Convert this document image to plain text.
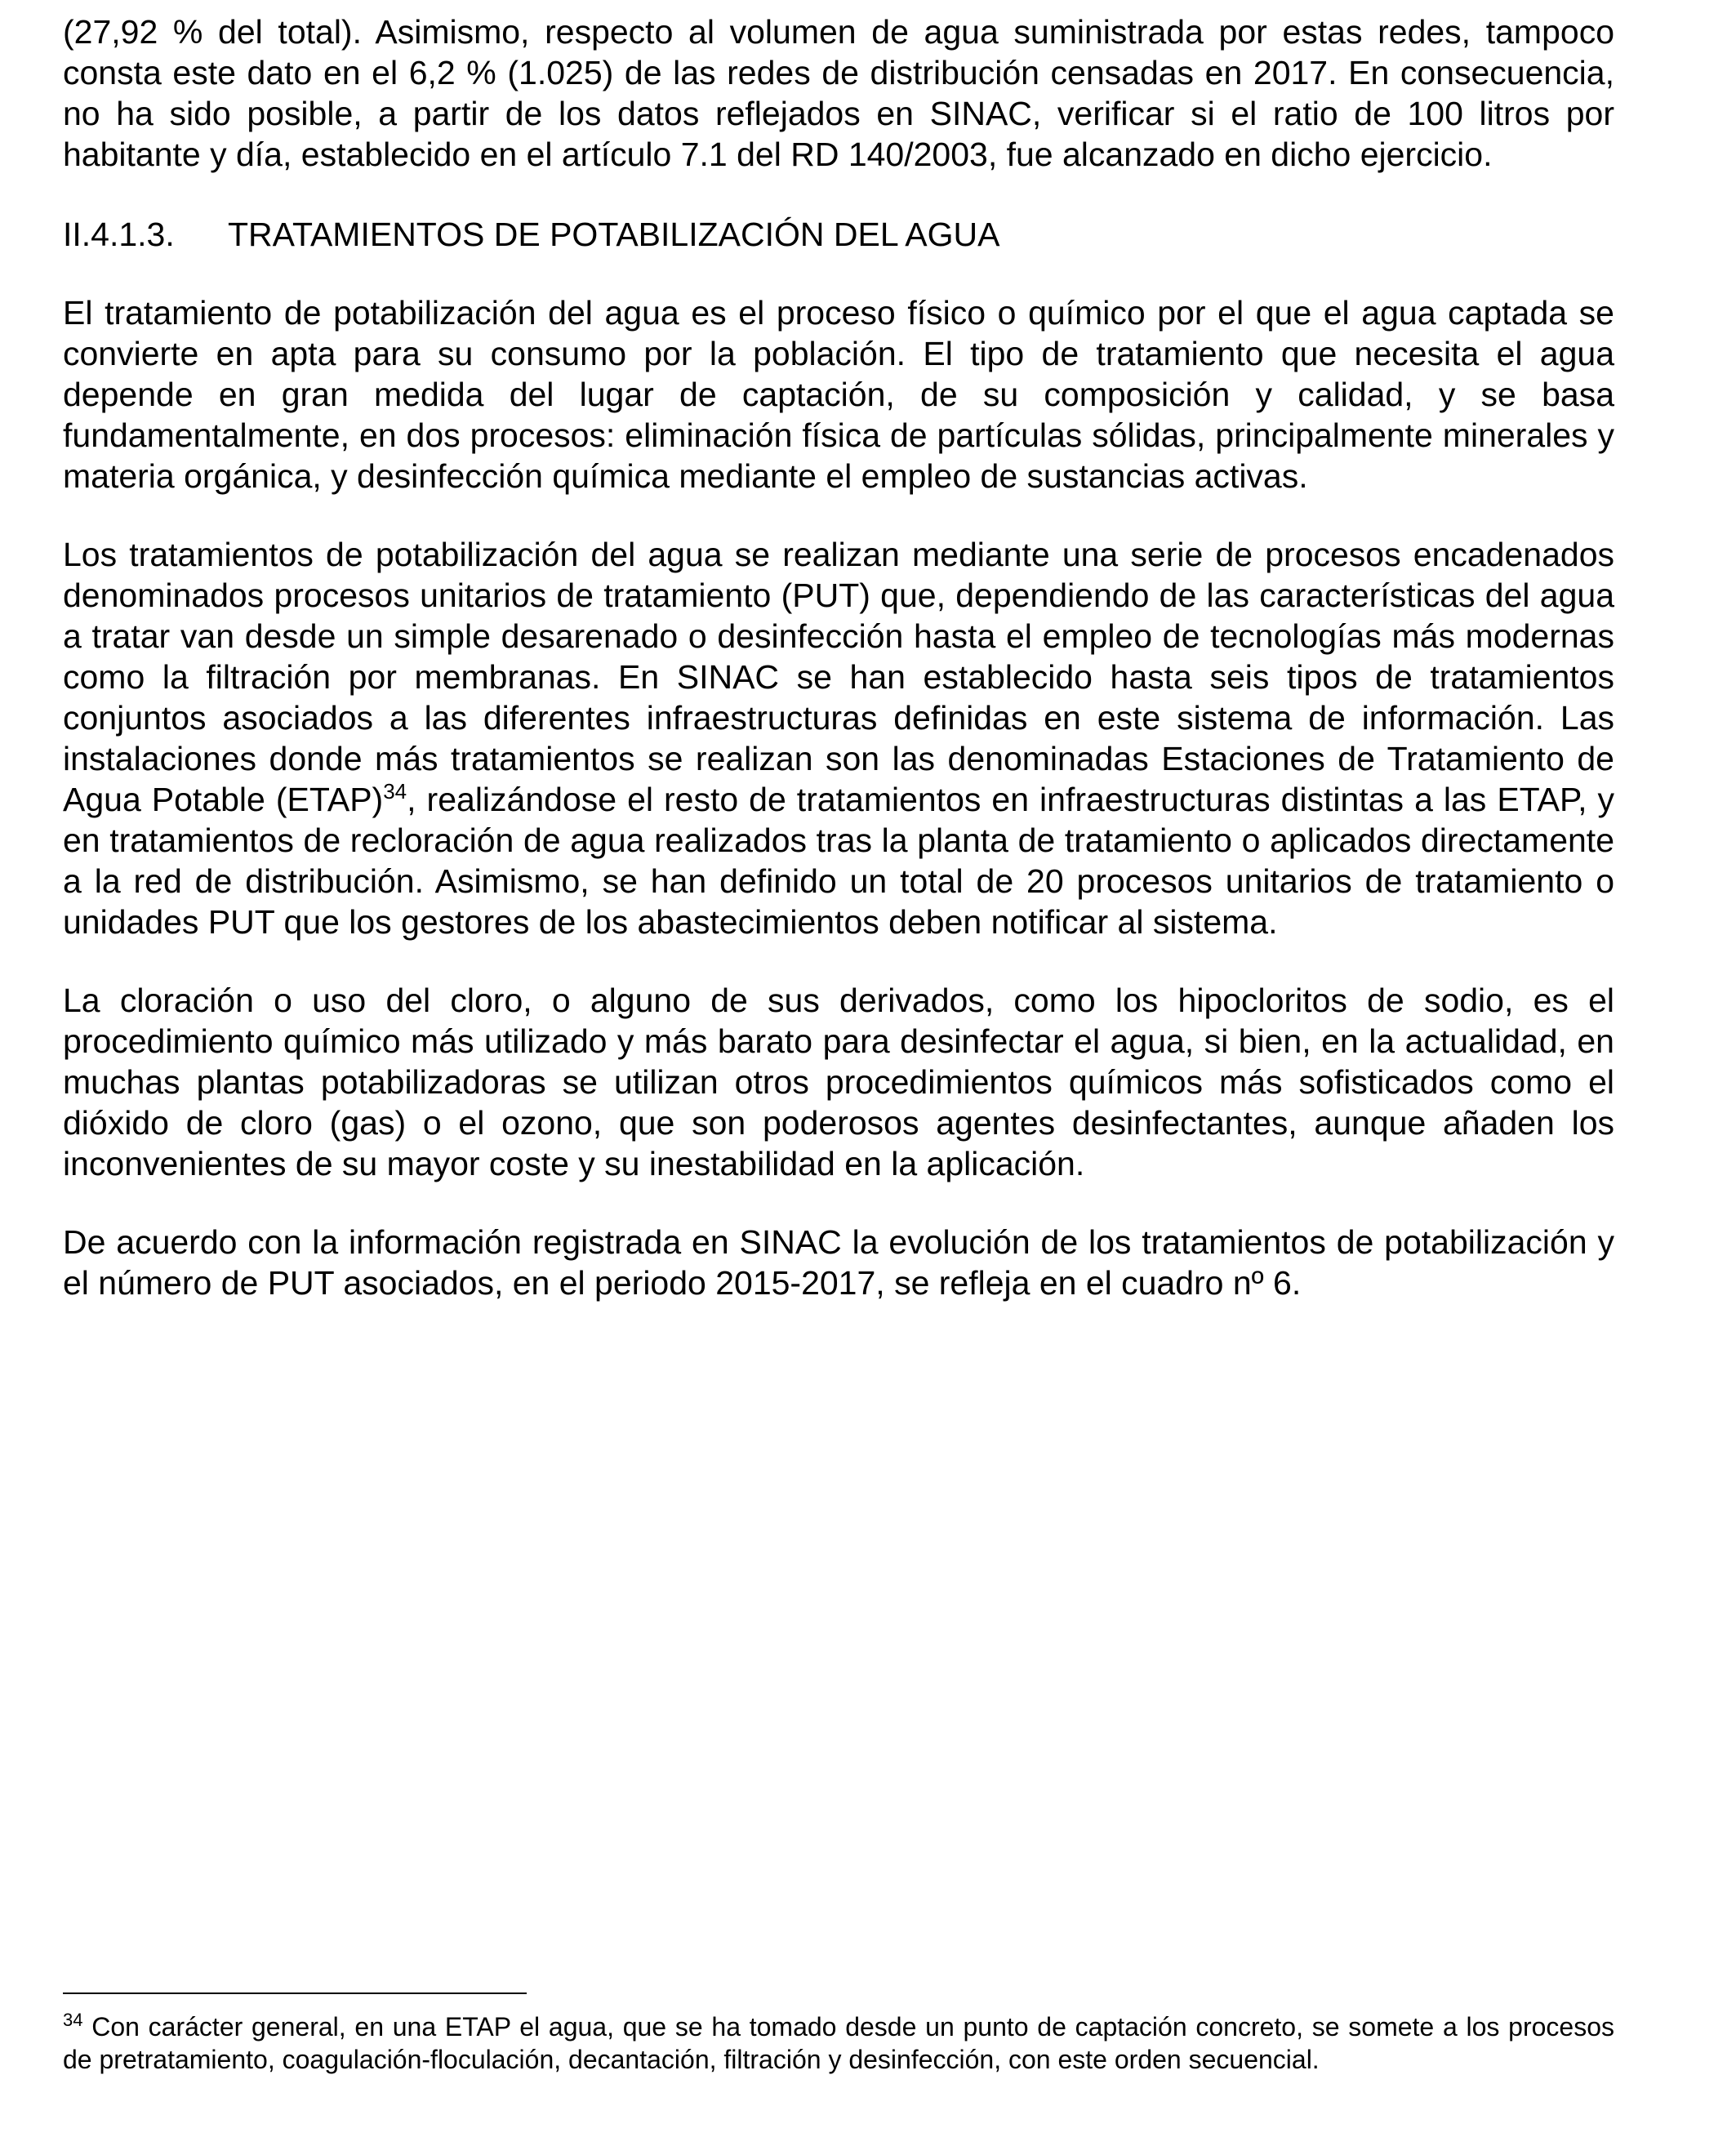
(27,92 % del total). Asimismo, respecto al volumen de agua suministrada por estas redes, tampoco consta este dato en el 6,2 % (1.025) de las redes de distribución censadas en 2017. En consecuencia, no ha sido posible, a partir de los datos reflejados en SINAC, verificar si el ratio de 100 litros por habitante y día, establecido en el artículo 7.1 del RD 140/2003, fue alcanzado en dicho ejercicio.

II.4.1.3. TRATAMIENTOS DE POTABILIZACIÓN DEL AGUA

El tratamiento de potabilización del agua es el proceso físico o químico por el que el agua captada se convierte en apta para su consumo por la población. El tipo de tratamiento que necesita el agua depende en gran medida del lugar de captación, de su composición y calidad, y se basa fundamentalmente, en dos procesos: eliminación física de partículas sólidas, principalmente minerales y materia orgánica, y desinfección química mediante el empleo de sustancias activas.

Los tratamientos de potabilización del agua se realizan mediante una serie de procesos encadenados denominados procesos unitarios de tratamiento (PUT) que, dependiendo de las características del agua a tratar van desde un simple desarenado o desinfección hasta el empleo de tecnologías más modernas como la filtración por membranas. En SINAC se han establecido hasta seis tipos de tratamientos conjuntos asociados a las diferentes infraestructuras definidas en este sistema de información. Las instalaciones donde más tratamientos se realizan son las denominadas Estaciones de Tratamiento de Agua Potable (ETAP)$^{34}$, realizándose el resto de tratamientos en infraestructuras distintas a las ETAP, y en tratamientos de recloración de agua realizados tras la planta de tratamiento o aplicados directamente a la red de distribución. Asimismo, se han definido un total de 20 procesos unitarios de tratamiento o unidades PUT que los gestores de los abastecimientos deben notificar al sistema.

La cloración o uso del cloro, o alguno de sus derivados, como los hipocloritos de sodio, es el procedimiento químico más utilizado y más barato para desinfectar el agua, si bien, en la actualidad, en muchas plantas potabilizadoras se utilizan otros procedimientos químicos más sofisticados como el dióxido de cloro (gas) o el ozono, que son poderosos agentes desinfectantes, aunque añaden los inconvenientes de su mayor coste y su inestabilidad en la aplicación.

De acuerdo con la información registrada en SINAC la evolución de los tratamientos de potabilización y el número de PUT asociados, en el periodo 2015-2017, se refleja en el cuadro nº 6.

$^{34}$ Con carácter general, en una ETAP el agua, que se ha tomado desde un punto de captación concreto, se somete a los procesos de pretratamiento, coagulación-floculación, decantación, filtración y desinfección, con este orden secuencial.
